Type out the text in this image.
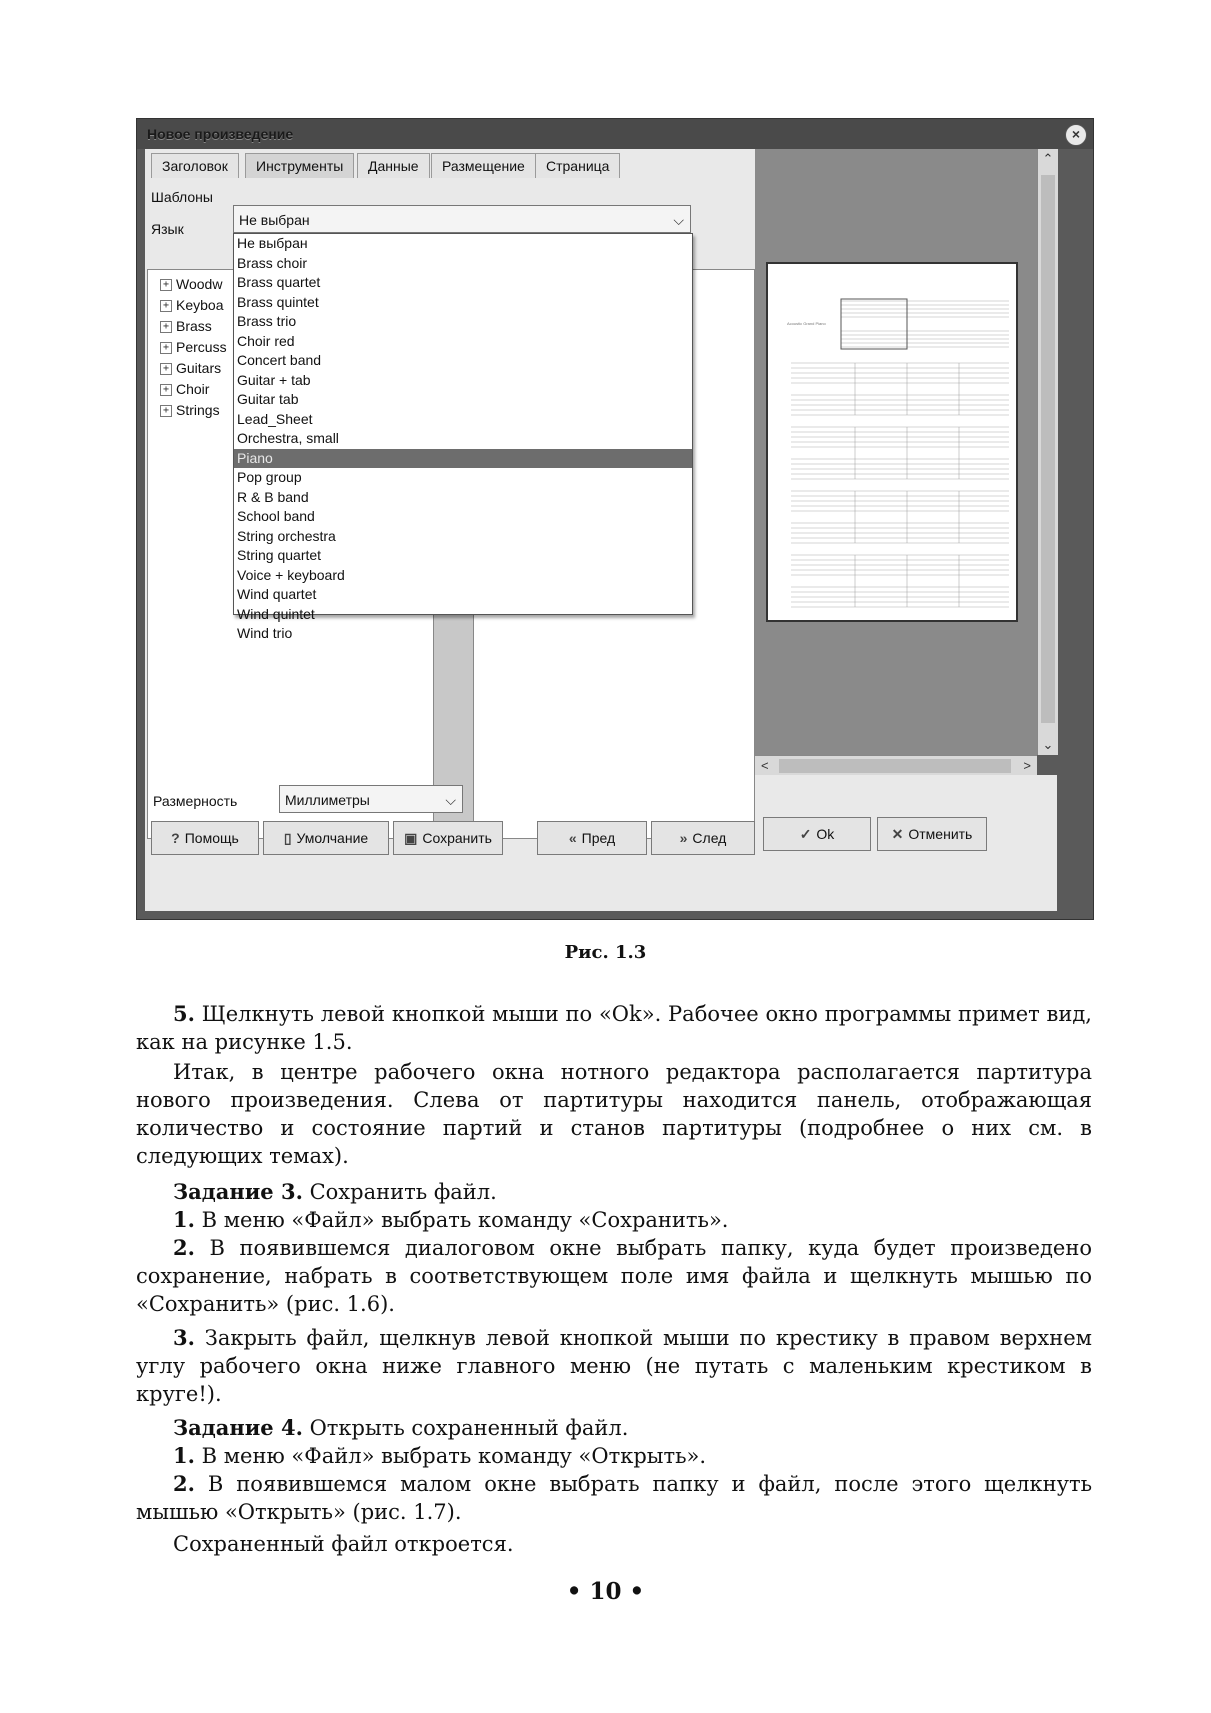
Новое произведение	×
Заголовок	Инструменты	Данные	Размещение	Страница
Шаблоны
Не выбран	⌵
Язык
+ Woodw
+ Keyboa
+ Brass
+ Percuss
+ Guitars
+ Choir
+ Strings
Не выбран
Brass choir
Brass quartet
Brass quintet
Brass trio
Choir red
Concert band
Guitar + tab
Guitar tab
Lead_Sheet
Orchestra, small
Piano
Pop group
R & B band
School band
String orchestra
String quartet
Voice + keyboard
Wind quartet
Wind quintet
Wind trio
Размерность	Миллиметры	⌵
? Помощь	▯ Умолчание	▣ Сохранить	« Пред	» След
Acoustic Grand Piano
⌃
⌄
<	>
✓ Ok	✕ Отменить
Рис. 1.3
5. Щелкнуть левой кнопкой мыши по «Ok». Рабочее окно программы примет вид, как на рисунке 1.5.
Итак, в центре рабочего окна нотного редактора располагается партитура нового произведения. Слева от партитуры находится панель, отображающая количество и состояние партий и станов партитуры (подробнее о них см. в следующих темах).
Задание 3. Сохранить файл.
1. В меню «Файл» выбрать команду «Сохранить».
2. В появившемся диалоговом окне выбрать папку, куда будет произведено сохранение, набрать в соответствующем поле имя файла и щелкнуть мышью по «Сохранить» (рис. 1.6).
3. Закрыть файл, щелкнув левой кнопкой мыши по крестику в правом верхнем углу рабочего окна ниже главного меню (не путать с маленьким крестиком в круге!).
Задание 4. Открыть сохраненный файл.
1. В меню «Файл» выбрать команду «Открыть».
2. В появившемся малом окне выбрать папку и файл, после этого щелкнуть мышью «Открыть» (рис. 1.7).
Сохраненный файл откроется.
• 10 •
